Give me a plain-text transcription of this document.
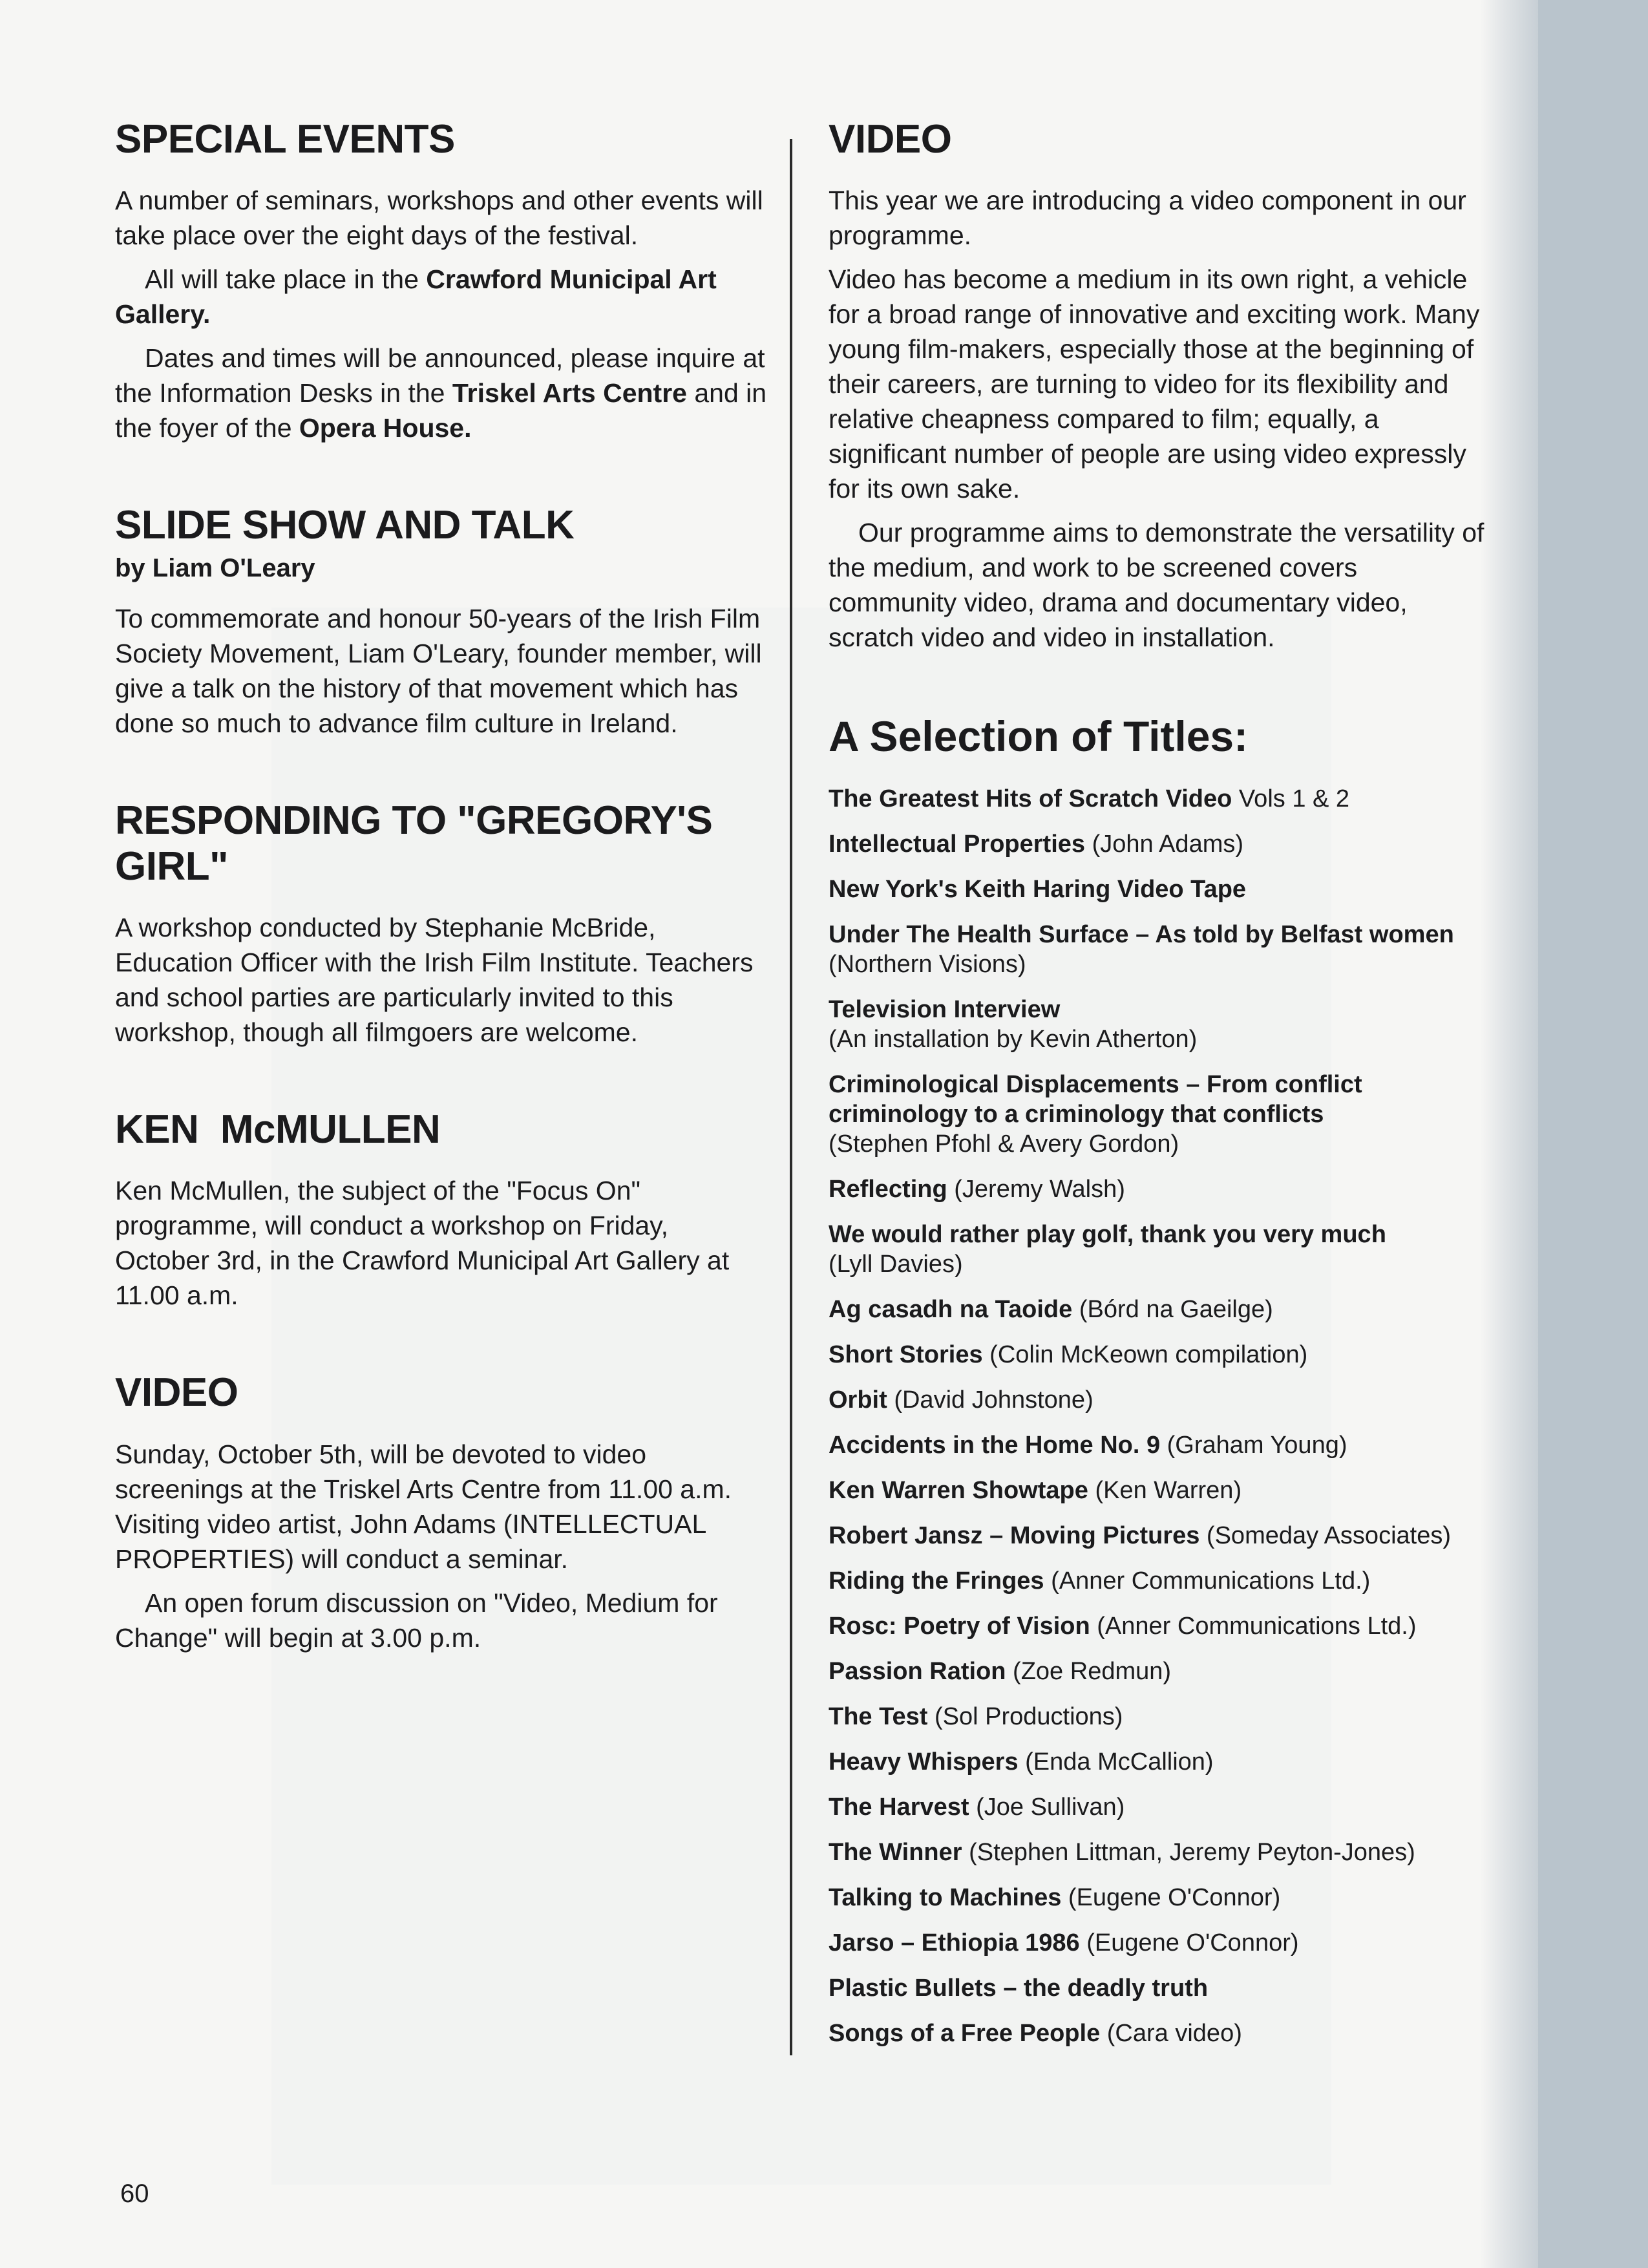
SPECIAL EVENTS

A number of seminars, workshops and other events will take place over the eight days of the festival.

All will take place in the Crawford Municipal Art Gallery.

Dates and times will be announced, please inquire at the Information Desks in the Triskel Arts Centre and in the foyer of the Opera House.

SLIDE SHOW AND TALK
by Liam O'Leary

To commemorate and honour 50-years of the Irish Film Society Movement, Liam O'Leary, founder member, will give a talk on the history of that movement which has done so much to advance film culture in Ireland.

RESPONDING TO "GREGORY'S GIRL"

A workshop conducted by Stephanie McBride, Education Officer with the Irish Film Institute. Teachers and school parties are particularly invited to this workshop, though all filmgoers are welcome.

KEN  McMULLEN

Ken McMullen, the subject of the "Focus On" programme, will conduct a workshop on Friday, October 3rd, in the Crawford Municipal Art Gallery at 11.00 a.m.

VIDEO

Sunday, October 5th, will be devoted to video screenings at the Triskel Arts Centre from 11.00 a.m. Visiting video artist, John Adams (INTELLECTUAL PROPERTIES) will conduct a seminar.

An open forum discussion on "Video, Medium for Change" will begin at 3.00 p.m.

VIDEO

This year we are introducing a video component in our programme.

Video has become a medium in its own right, a vehicle for a broad range of innovative and exciting work. Many young film-makers, especially those at the beginning of their careers, are turning to video for its flexibility and relative cheapness compared to film; equally, a significant number of people are using video expressly for its own sake.

Our programme aims to demonstrate the versatility of the medium, and work to be screened covers community video, drama and documentary video, scratch video and video in installation.

A Selection of Titles:
The Greatest Hits of Scratch Video Vols 1 & 2
Intellectual Properties (John Adams)
New York's Keith Haring Video Tape
Under The Health Surface – As told by Belfast women
(Northern Visions)
Television Interview
(An installation by Kevin Atherton)
Criminological Displacements – From conflict criminology to a criminology that conflicts
(Stephen Pfohl & Avery Gordon)
Reflecting (Jeremy Walsh)
We would rather play golf, thank you very much
(Lyll Davies)
Ag casadh na Taoide (Bórd na Gaeilge)
Short Stories (Colin McKeown compilation)
Orbit (David Johnstone)
Accidents in the Home No. 9 (Graham Young)
Ken Warren Showtape (Ken Warren)
Robert Jansz – Moving Pictures (Someday Associates)
Riding the Fringes (Anner Communications Ltd.)
Rosc: Poetry of Vision (Anner Communications Ltd.)
Passion Ration (Zoe Redmun)
The Test (Sol Productions)
Heavy Whispers (Enda McCallion)
The Harvest (Joe Sullivan)
The Winner (Stephen Littman, Jeremy Peyton-Jones)
Talking to Machines (Eugene O'Connor)
Jarso – Ethiopia 1986 (Eugene O'Connor)
Plastic Bullets – the deadly truth
Songs of a Free People (Cara video)
60
